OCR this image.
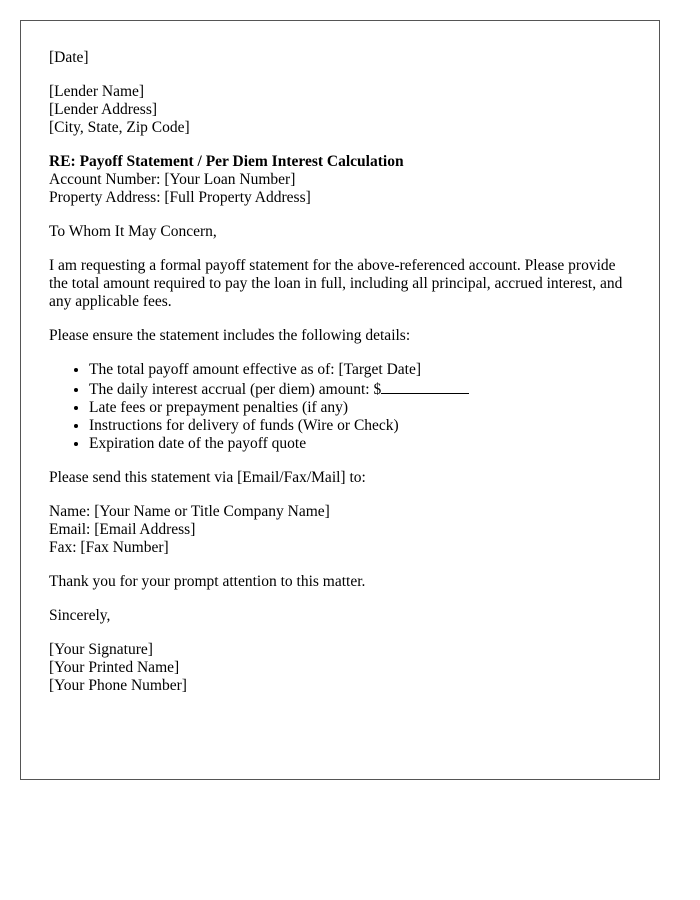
[Date]
[Lender Name]
[Lender Address]
[City, State, Zip Code]
RE: Payoff Statement / Per Diem Interest Calculation
Account Number: [Your Loan Number]
Property Address: [Full Property Address]
To Whom It May Concern,
I am requesting a formal payoff statement for the above-referenced account. Please provide the total amount required to pay the loan in full, including all principal, accrued interest, and any applicable fees.
Please ensure the statement includes the following details:
• The total payoff amount effective as of: [Target Date]
• The daily interest accrual (per diem) amount: $
• Late fees or prepayment penalties (if any)
• Instructions for delivery of funds (Wire or Check)
• Expiration date of the payoff quote
Please send this statement via [Email/Fax/Mail] to:
Name: [Your Name or Title Company Name]
Email: [Email Address]
Fax: [Fax Number]
Thank you for your prompt attention to this matter.
Sincerely,
[Your Signature]
[Your Printed Name]
[Your Phone Number]
